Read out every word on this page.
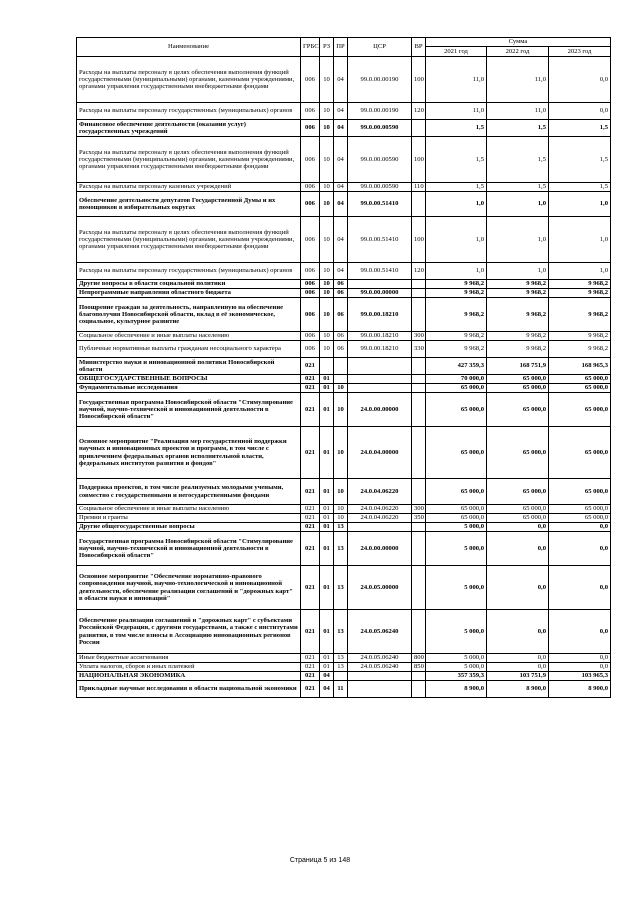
Наименование	ГРБС	РЗ	ПР	ЦСР	ВР	Сумма		
						2021 год	2022 год	2023 год
Расходы на выплаты персоналу в целях обеспечения выполнения функций государственными (муниципальными) органами, казенными учреждениями, органами управления государственными внебюджетными фондами	006	10	04	99.0.00.00190	100	11,0	11,0	0,0
Расходы на выплаты персоналу государственных (муниципальных) органов	006	10	04	99.0.00.00190	120	11,0	11,0	0,0
Финансовое обеспечение деятельности (оказания услуг) государственных учреждений	006	10	04	99.0.00.00590		1,5	1,5	1,5
Расходы на выплаты персоналу в целях обеспечения выполнения функций государственными (муниципальными) органами, казенными учреждениями, органами управления государственными внебюджетными фондами	006	10	04	99.0.00.00590	100	1,5	1,5	1,5
Расходы на выплаты персоналу казенных учреждений	006	10	04	99.0.00.00590	110	1,5	1,5	1,5
Обеспечение деятельности депутатов Государственной Думы и их помощников в избирательных округах	006	10	04	99.0.00.51410		1,0	1,0	1,0
Расходы на выплаты персоналу в целях обеспечения выполнения функций государственными (муниципальными) органами, казенными учреждениями, органами управления государственными внебюджетными фондами	006	10	04	99.0.00.51410	100	1,0	1,0	1,0
Расходы на выплаты персоналу государственных (муниципальных) органов	006	10	04	99.0.00.51410	120	1,0	1,0	1,0
Другие вопросы в области социальной политики	006	10	06			9 968,2	9 968,2	9 968,2
Непрограммные направления областного бюджета	006	10	06	99.0.00.00000		9 968,2	9 968,2	9 968,2
Поощрение граждан за деятельность, направленную на обеспечение благополучия Новосибирской области, вклад в её экономическое, социальное, культурное развитие	006	10	06	99.0.00.18210		9 968,2	9 968,2	9 968,2
Социальное обеспечение и иные выплаты населению	006	10	06	99.0.00.18210	300	9 968,2	9 968,2	9 968,2
Публичные нормативные выплаты гражданам несоциального характера	006	10	06	99.0.00.18210	330	9 968,2	9 968,2	9 968,2
Министерство науки и инновационной политики Новосибирской области	021					427 359,3	168 751,9	168 965,3
ОБЩЕГОСУДАРСТВЕННЫЕ ВОПРОСЫ	021	01				70 000,0	65 000,0	65 000,0
Фундаментальные исследования	021	01	10			65 000,0	65 000,0	65 000,0
Государственная программа Новосибирской области "Стимулирование научной, научно-технической и инновационной деятельности в Новосибирской области"	021	01	10	24.0.00.00000		65 000,0	65 000,0	65 000,0
Основное мероприятие "Реализация мер государственной поддержки научных и инновационных проектов и программ, в том числе с привлечением федеральных органов исполнительной власти, федеральных институтов развития и фондов"	021	01	10	24.0.04.00000		65 000,0	65 000,0	65 000,0
Поддержка проектов, в том числе реализуемых молодыми учеными, совместно с государственными и негосударственными фондами	021	01	10	24.0.04.06220		65 000,0	65 000,0	65 000,0
Социальное обеспечение и иные выплаты населению	021	01	10	24.0.04.06220	300	65 000,0	65 000,0	65 000,0
Премии и гранты	021	01	10	24.0.04.06220	350	65 000,0	65 000,0	65 000,0
Другие общегосударственные вопросы	021	01	13			5 000,0	0,0	0,0
Государственная программа Новосибирской области "Стимулирование научной, научно-технической и инновационной деятельности в Новосибирской области"	021	01	13	24.0.00.00000		5 000,0	0,0	0,0
Основное мероприятие "Обеспечение нормативно-правового сопровождения научной, научно-технологической и инновационной деятельности, обеспечение реализации соглашений и "дорожных карт" в области науки и инноваций"	021	01	13	24.0.05.00000		5 000,0	0,0	0,0
Обеспечение реализации соглашений и "дорожных карт" с субъектами Российской Федерации, с другими государствами, а также с институтами развития, в том числе взносы в Ассоциацию инновационных регионов России	021	01	13	24.0.05.06240		5 000,0	0,0	0,0
Иные бюджетные ассигнования	021	01	13	24.0.05.06240	800	5 000,0	0,0	0,0
Уплата налогов, сборов и иных платежей	021	01	13	24.0.05.06240	850	5 000,0	0,0	0,0
НАЦИОНАЛЬНАЯ ЭКОНОМИКА	021	04				357 359,3	103 751,9	103 965,3
Прикладные научные исследования в области национальной экономики	021	04	11			8 900,0	8 900,0	8 900,0
Страница 5 из 148
